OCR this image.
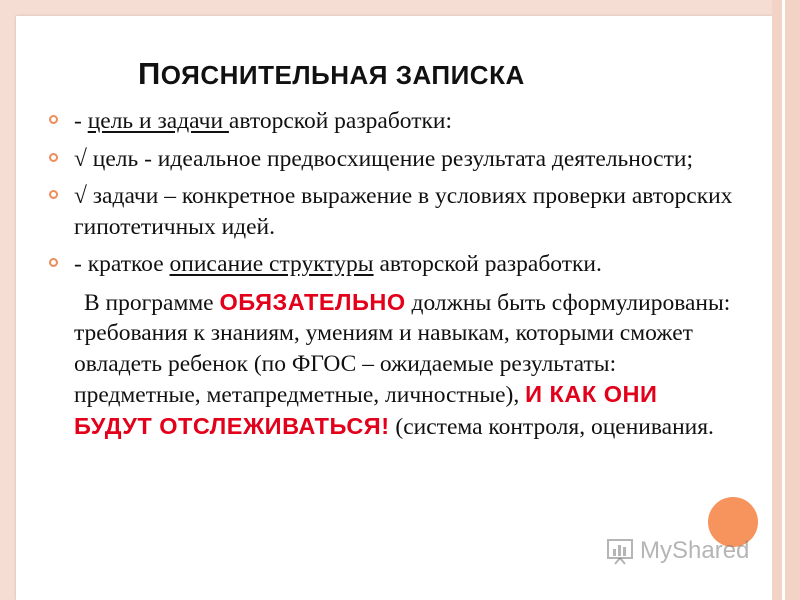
ПОЯСНИТЕЛЬНАЯ ЗАПИСКА
- цель и задачи авторской разработки:
√ цель - идеальное предвосхищение результата деятельности;
√ задачи – конкретное выражение в условиях проверки авторских гипотетичных идей.
- краткое описание структуры авторской разработки.
В программе ОБЯЗАТЕЛЬНО должны быть сформулированы: требования к знаниям, умениям и навыкам, которыми сможет овладеть ребенок (по ФГОС – ожидаемые результаты: предметные, метапредметные, личностные), И КАК ОНИ БУДУТ ОТСЛЕЖИВАТЬСЯ! (система контроля, оценивания.
MyShared
